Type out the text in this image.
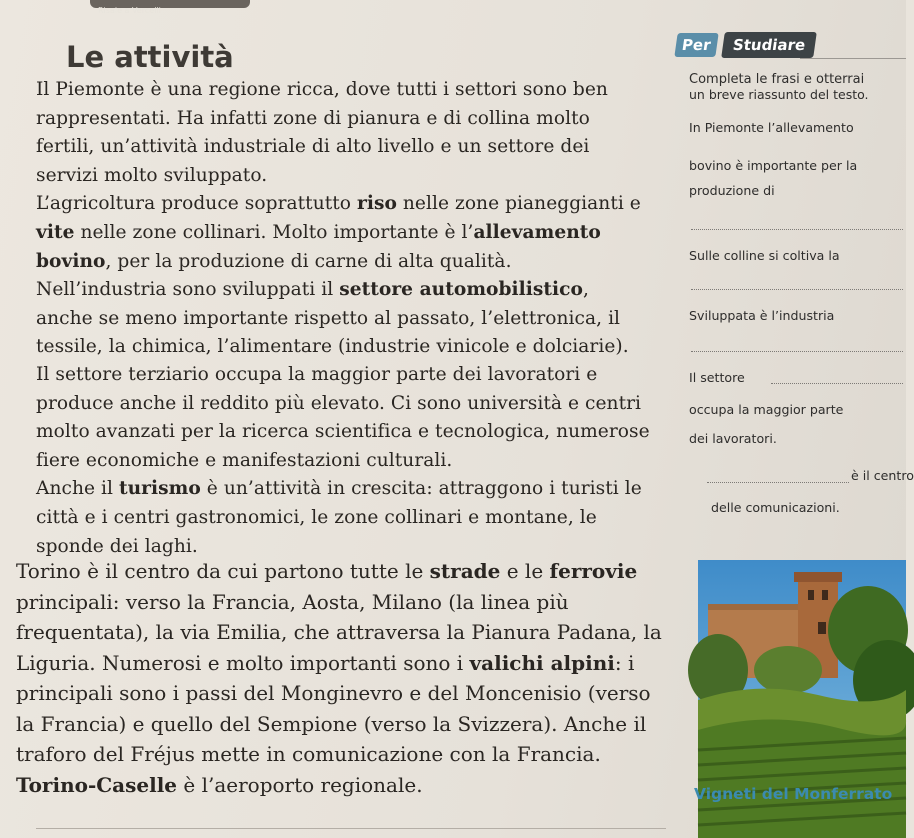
Risaie a Vercelli
Le attività

Il Piemonte è una regione ricca, dove tutti i settori sono ben rappresentati. Ha infatti zone di pianura e di collina molto fertili, un’attività industriale di alto livello e un settore dei servizi molto sviluppato.

L’agricoltura produce soprattutto riso nelle zone pianeggianti e vite nelle zone collinari. Molto importante è l’allevamento bovino, per la produzione di carne di alta qualità.

Nell’industria sono sviluppati il settore automobilistico, anche se meno importante rispetto al passato, l’elettronica, il tessile, la chimica, l’alimentare (industrie vinicole e dolciarie).

Il settore terziario occupa la maggior parte dei lavoratori e produce anche il reddito più elevato. Ci sono università e centri molto avanzati per la ricerca scientifica e tecnologica, numerose fiere economiche e manifestazioni culturali.

Anche il turismo è un’attività in crescita: attraggono i turisti le città e i centri gastronomici, le zone collinari e montane, le sponde dei laghi.

Torino è il centro da cui partono tutte le strade e le ferrovie principali: verso la Francia, Aosta, Milano (la linea più frequentata), la via Emilia, che attraversa la Pianura Padana, la Liguria. Numerosi e molto importanti sono i valichi alpini: i principali sono i passi del Monginevro e del Moncenisio (verso la Francia) e quello del Sempione (verso la Svizzera). Anche il traforo del Fréjus mette in comunicazione con la Francia. Torino-Caselle è l’aeroporto regionale.

Per	Studiare

Completa le frasi e otterrai

un breve riassunto del testo.

In Piemonte l’allevamento
bovino è importante per la
produzione di
Sulle colline si coltiva la
Sviluppata è l’industria
Il settore
occupa la maggior parte
dei lavoratori.
è il centro
delle comunicazioni.
Vigneti del Monferrato
